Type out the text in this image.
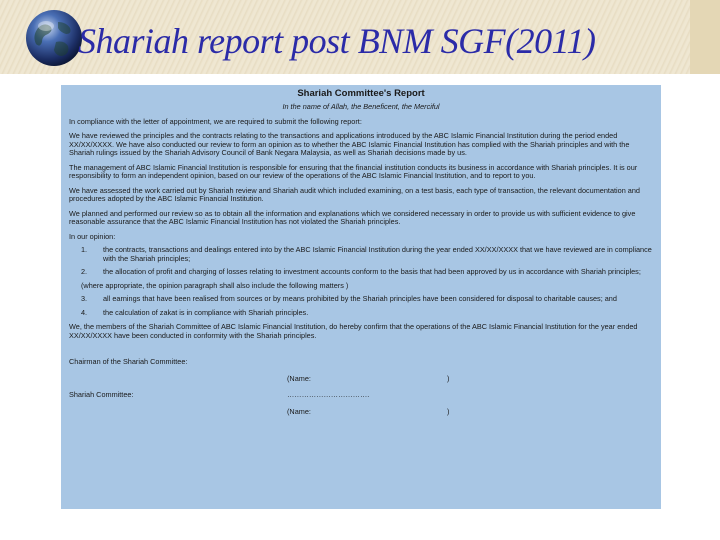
Shariah report post BNM SGF(2011)
Shariah Committee's Report
In the name of Allah, the Beneficent, the Merciful
In compliance with the letter of appointment, we are required to submit the following report:
We have reviewed the principles and the contracts relating to the transactions and applications introduced by the ABC Islamic Financial Institution during the period ended XX/XX/XXXX. We have also conducted our review to form an opinion as to whether the ABC Islamic Financial Institution has complied with the Shariah principles and with the Shariah rulings issued by the Shariah Advisory Council of Bank Negara Malaysia, as well as Shariah decisions made by us.
The management of ABC Islamic Financial Institution is responsible for ensuring that the financial institution conducts its business in accordance with Shariah principles. It is our responsibility to form an independent opinion, based on our review of the operations of the ABC Islamic Financial Institution, and to report to you.
We have assessed the work carried out by Shariah review and Shariah audit which included examining, on a test basis, each type of transaction, the relevant documentation and procedures adopted by the ABC Islamic Financial Institution.
We planned and performed our review so as to obtain all the information and explanations which we considered necessary in order to provide us with sufficient evidence to give reasonable assurance that the ABC Islamic Financial Institution has not violated the Shariah principles.
In our opinion:
1.	the contracts, transactions and dealings entered into by the ABC Islamic Financial Institution during the year ended XX/XX/XXXX that we have reviewed are in compliance with the Shariah principles;
2.	the allocation of profit and charging of losses relating to investment accounts conform to the basis that had been approved by us in accordance with Shariah principles;
(where appropriate, the opinion paragraph shall also include the following matters )
3.	all earnings that have been realised from sources or by means prohibited by the Shariah principles have been considered for disposal to charitable causes; and
4.	the calculation of zakat is in compliance with Shariah principles.
We, the members of the Shariah Committee of ABC Islamic Financial Institution, do hereby confirm that the operations of the ABC Islamic Financial Institution for the year ended XX/XX/XXXX have been conducted in conformity with the Shariah principles.
Chairman of the Shariah Committee:
(Name:	)
Shariah Committee:	…………………………….
(Name:	)
